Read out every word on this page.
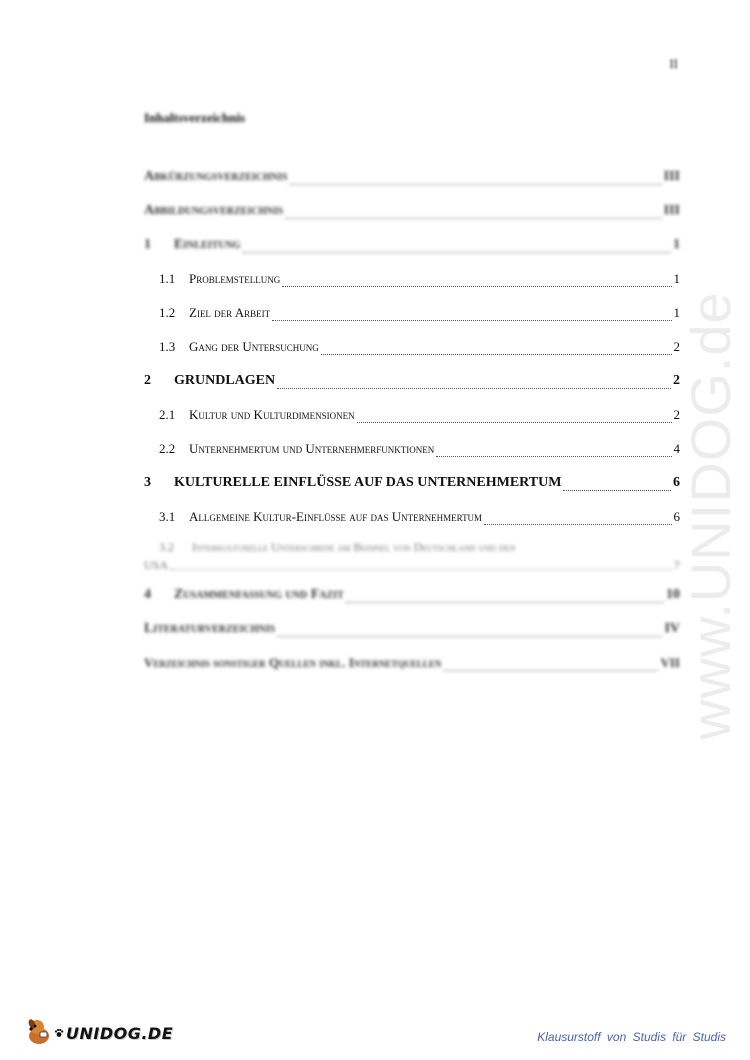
II
Inhaltsverzeichnis
Abkürzungsverzeichnis	III
Abbildungsverzeichnis	III
1	Einleitung	1
1.1	Problemstellung	1
1.2	Ziel der Arbeit	1
1.3	Gang der Untersuchung	2
2	GRUNDLAGEN	2
2.1	Kultur und Kulturdimensionen	2
2.2	Unternehmertum und Unternehmerfunktionen	4
3	KULTURELLE EINFLÜSSE AUF DAS UNTERNEHMERTUM	6
3.1	Allgemeine Kultur-Einflüsse auf das Unternehmertum	6
3.2 Interkulturelle Unterschiede am Beispiel von Deutschland und den
USA	7
4	Zusammenfassung und Fazit	10
Literaturverzeichnis	IV
Verzeichnis sonstiger Quellen inkl. Internetquellen	VII www.UNIDOG.de
UNIDOG.DE	Klausurstoff von Studis für Studis
